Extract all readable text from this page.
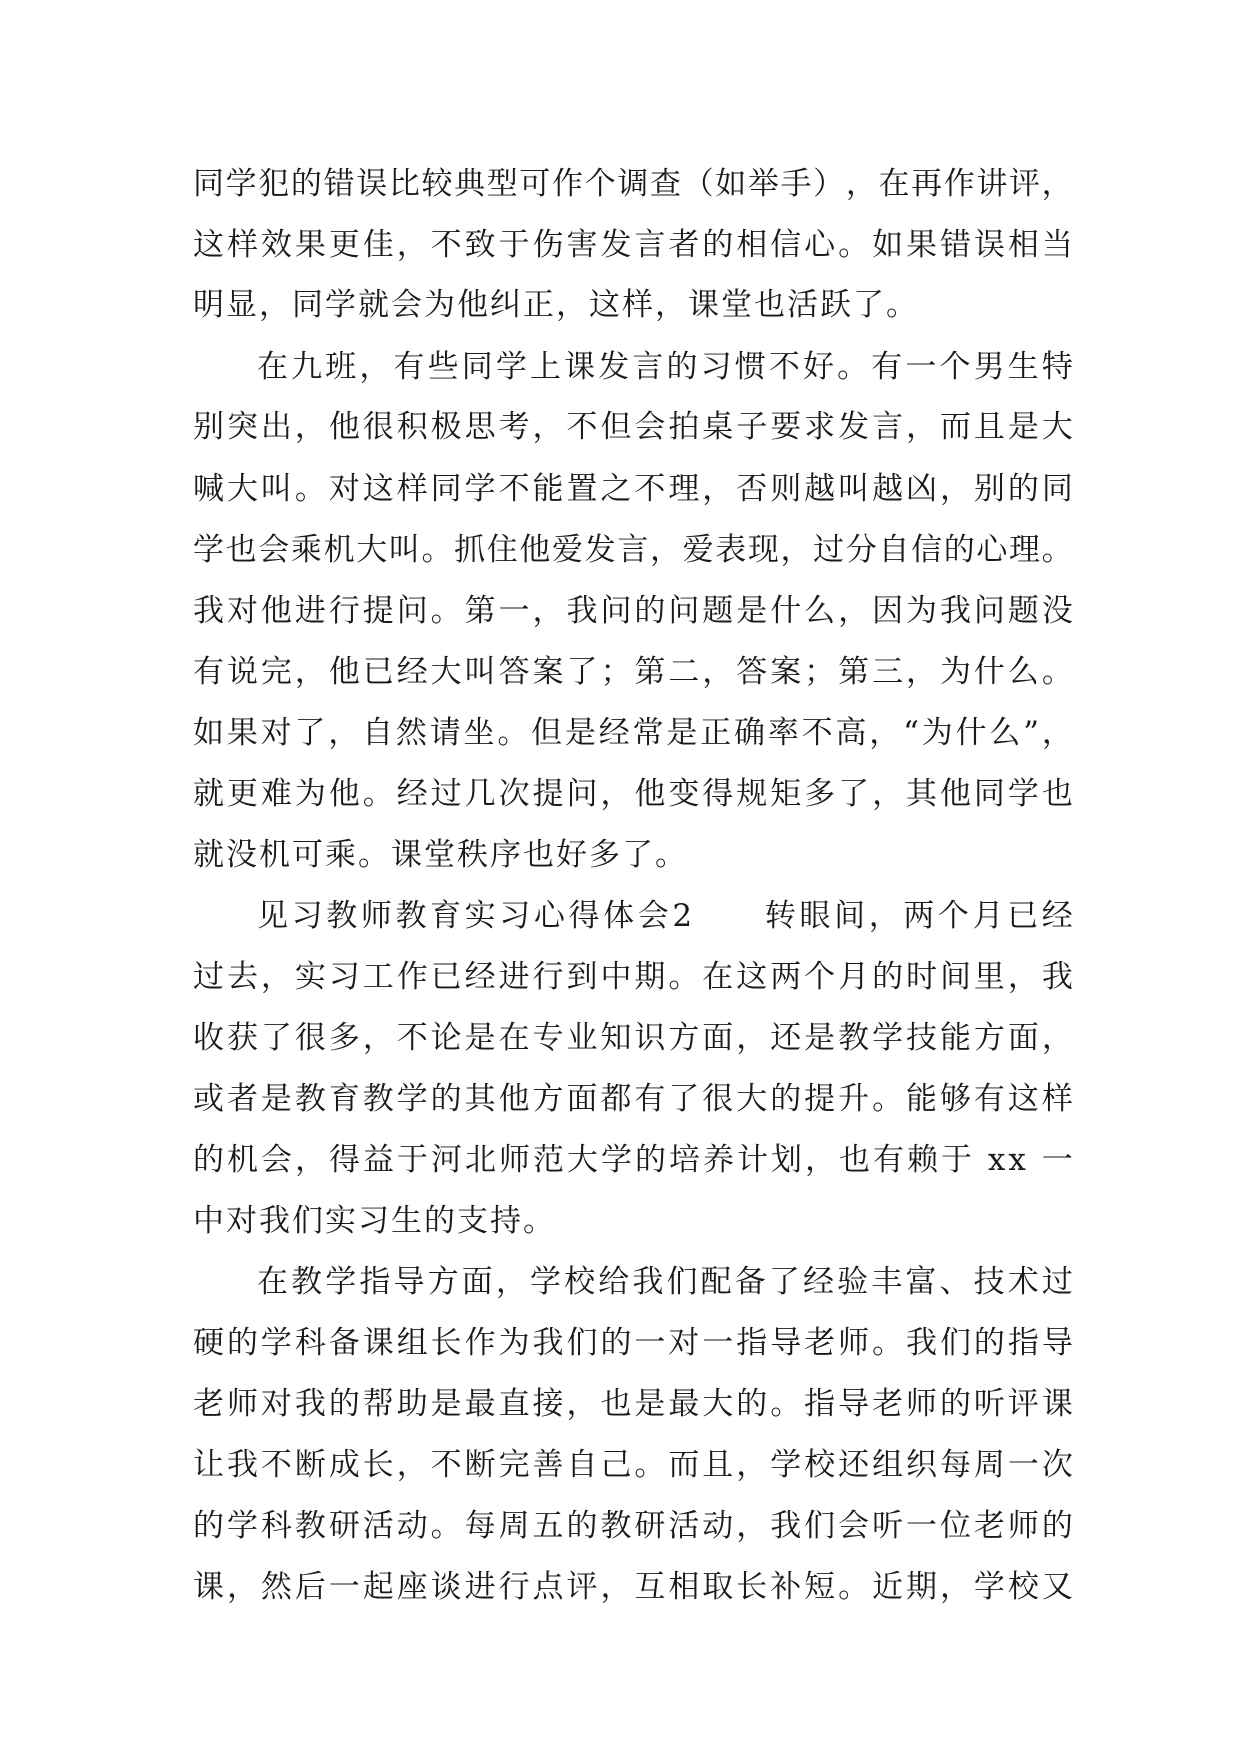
同 学 犯 的 错 误 比 较 典 型 可 作 个 调 查 （ 如 举 手 ） ， 在 再 作 讲 评 ，
这 样 效 果 更 佳 ， 不 致 于 伤 害 发 言 者 的 相 信 心 。 如 果 错 误 相 当
明显，同学就会为他纠正，这样，课堂也活跃了。
在 九 班 ， 有 些 同 学 上 课 发 言 的 习 惯 不 好 。 有 一 个 男 生 特
别 突 出 ， 他 很 积 极 思 考 ， 不 但 会 拍 桌 子 要 求 发 言 ， 而 且 是 大
喊 大 叫 。 对 这 样 同 学 不 能 置 之 不 理 ， 否 则 越 叫 越 凶 ， 别 的 同
学 也 会 乘 机 大 叫 。 抓 住 他 爱 发 言 ， 爱 表 现 ， 过 分 自 信 的 心 理 。
我 对 他 进 行 提 问 。 第 一 ， 我 问 的 问 题 是 什 么 ， 因 为 我 问 题 没
有 说 完 ， 他 已 经 大 叫 答 案 了 ； 第 二 ， 答 案 ； 第 三 ， 为 什 么 。
如 果 对 了 ， 自 然 请 坐 。 但 是 经 常 是 正 确 率 不 高 ， “ 为 什 么 ” ，
就 更 难 为 他 。 经 过 几 次 提 问 ， 他 变 得 规 矩 多 了 ， 其 他 同 学 也
就没机可乘。课堂秩序也好多了。
见 习 教 师 教 育 实 习 心 得 体 会 2

　 转 眼 间 ， 两 个 月 已 经
过 去 ， 实 习 工 作 已 经 进 行 到 中 期 。 在 这 两 个 月 的 时 间 里 ， 我
收 获 了 很 多 ， 不 论 是 在 专 业 知 识 方 面 ， 还 是 教 学 技 能 方 面 ，
或 者 是 教 育 教 学 的 其 他 方 面 都 有 了 很 大 的 提 升 。 能 够 有 这 样
的 机 会 ， 得 益 于 河 北 师 范 大 学 的 培 养 计 划 ， 也 有 赖 于
x x
一
中对我们实习生的支持。
在 教 学 指 导 方 面 ， 学 校 给 我 们 配 备 了 经 验 丰 富 、 技 术 过
硬 的 学 科 备 课 组 长 作 为 我 们 的 一 对 一 指 导 老 师 。 我 们 的 指 导
老 师 对 我 的 帮 助 是 最 直 接 ， 也 是 最 大 的 。 指 导 老 师 的 听 评 课
让 我 不 断 成 长 ， 不 断 完 善 自 己 。 而 且 ， 学 校 还 组 织 每 周 一 次
的 学 科 教 研 活 动 。 每 周 五 的 教 研 活 动 ， 我 们 会 听 一 位 老 师 的
课 ， 然 后 一 起 座 谈 进 行 点 评 ， 互 相 取 长 补 短 。 近 期 ， 学 校 又
